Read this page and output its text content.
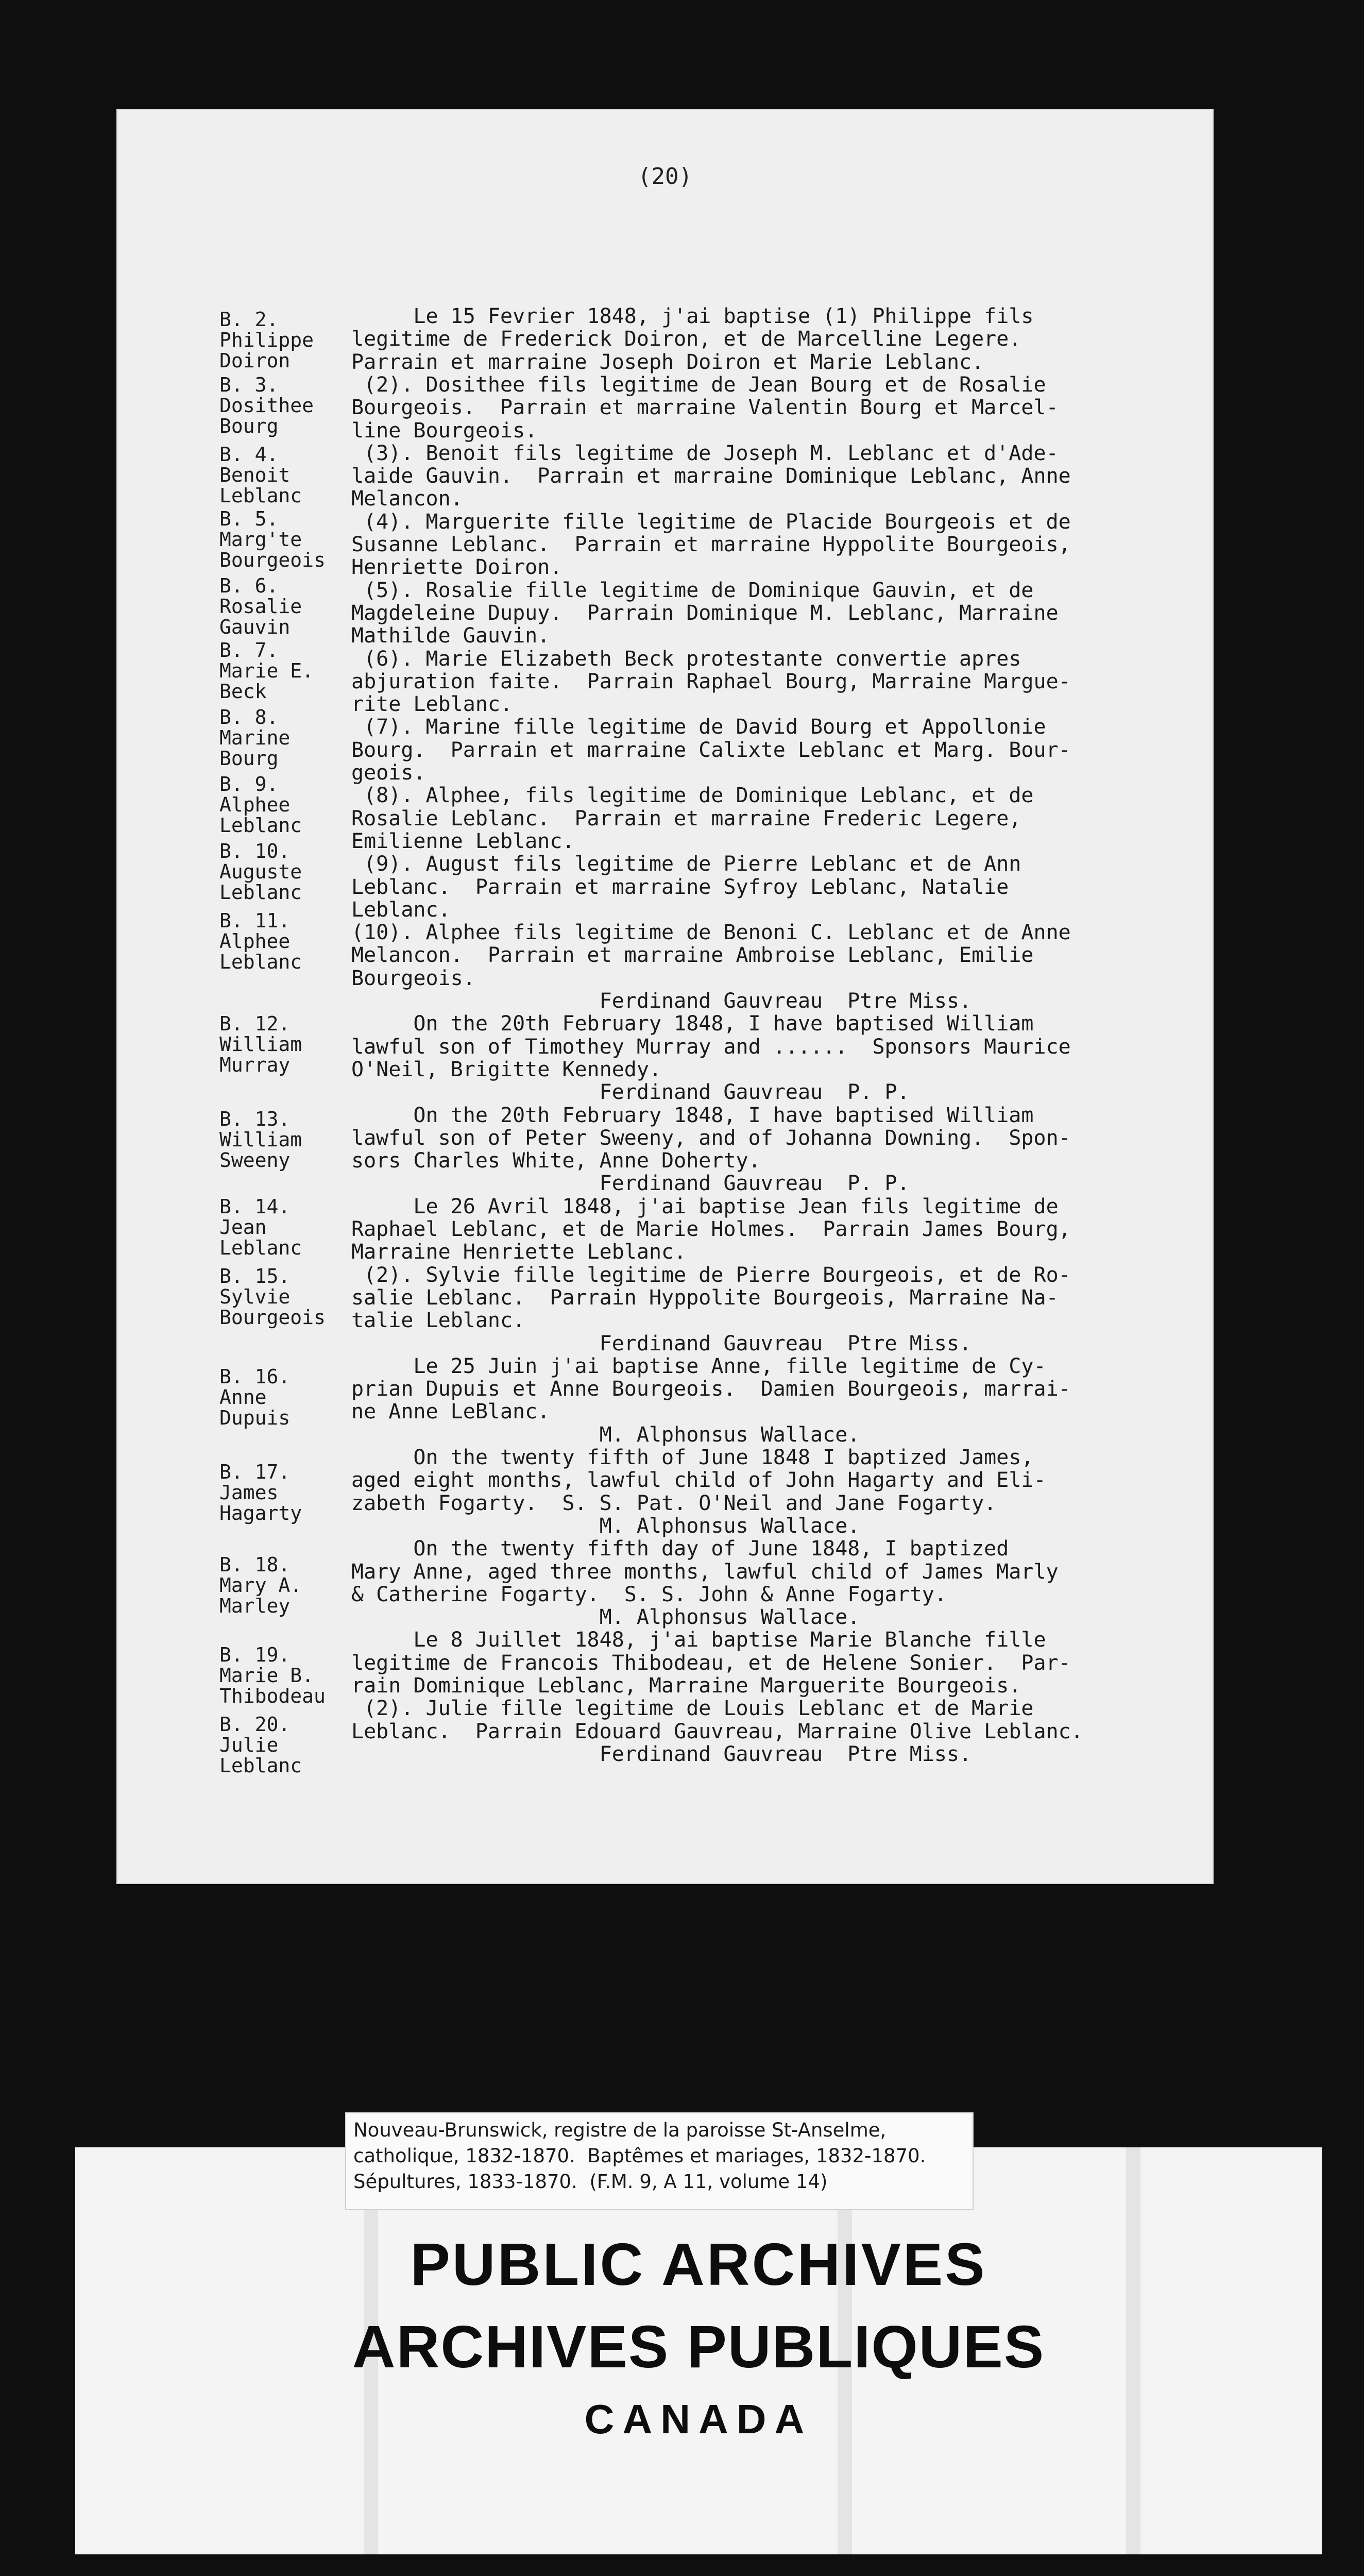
(20)
B. 2.
Philippe
Doiron
B. 3.
Dosithee
Bourg
B. 4.
Benoit
Leblanc
B. 5.
Marg'te
Bourgeois
B. 6.
Rosalie
Gauvin
B. 7.
Marie E.
Beck
B. 8.
Marine
Bourg
B. 9.
Alphee
Leblanc
B. 10.
Auguste
Leblanc
B. 11.
Alphee
Leblanc
B. 12.
William
Murray
B. 13.
William
Sweeny
B. 14.
Jean
Leblanc
B. 15.
Sylvie
Bourgeois
B. 16.
Anne
Dupuis
B. 17.
James
Hagarty
B. 18.
Mary A.
Marley
B. 19.
Marie B.
Thibodeau
B. 20.
Julie
Leblanc
Le 15 Fevrier 1848, j'ai baptise (1) Philippe fils
legitime de Frederick Doiron, et de Marcelline Legere.
Parrain et marraine Joseph Doiron et Marie Leblanc.
(2). Dosithee fils legitime de Jean Bourg et de Rosalie
Bourgeois.  Parrain et marraine Valentin Bourg et Marcel-
line Bourgeois.
(3). Benoit fils legitime de Joseph M. Leblanc et d'Ade-
laide Gauvin.  Parrain et marraine Dominique Leblanc, Anne
Melancon.
(4). Marguerite fille legitime de Placide Bourgeois et de
Susanne Leblanc.  Parrain et marraine Hyppolite Bourgeois,
Henriette Doiron.
(5). Rosalie fille legitime de Dominique Gauvin, et de
Magdeleine Dupuy.  Parrain Dominique M. Leblanc, Marraine
Mathilde Gauvin.
(6). Marie Elizabeth Beck protestante convertie apres
abjuration faite.  Parrain Raphael Bourg, Marraine Margue-
rite Leblanc.
(7). Marine fille legitime de David Bourg et Appollonie
Bourg.  Parrain et marraine Calixte Leblanc et Marg. Bour-
geois.
(8). Alphee, fils legitime de Dominique Leblanc, et de
Rosalie Leblanc.  Parrain et marraine Frederic Legere,
Emilienne Leblanc.
(9). August fils legitime de Pierre Leblanc et de Ann
Leblanc.  Parrain et marraine Syfroy Leblanc, Natalie
Leblanc.
(10). Alphee fils legitime de Benoni C. Leblanc et de Anne
Melancon.  Parrain et marraine Ambroise Leblanc, Emilie
Bourgeois.
Ferdinand Gauvreau  Ptre Miss.
On the 20th February 1848, I have baptised William
lawful son of Timothey Murray and ......  Sponsors Maurice
O'Neil, Brigitte Kennedy.
Ferdinand Gauvreau  P. P.
On the 20th February 1848, I have baptised William
lawful son of Peter Sweeny, and of Johanna Downing.  Spon-
sors Charles White, Anne Doherty.
Ferdinand Gauvreau  P. P.
Le 26 Avril 1848, j'ai baptise Jean fils legitime de
Raphael Leblanc, et de Marie Holmes.  Parrain James Bourg,
Marraine Henriette Leblanc.
(2). Sylvie fille legitime de Pierre Bourgeois, et de Ro-
salie Leblanc.  Parrain Hyppolite Bourgeois, Marraine Na-
talie Leblanc.
Ferdinand Gauvreau  Ptre Miss.
Le 25 Juin j'ai baptise Anne, fille legitime de Cy-
prian Dupuis et Anne Bourgeois.  Damien Bourgeois, marrai-
ne Anne LeBlanc.
M. Alphonsus Wallace.
On the twenty fifth of June 1848 I baptized James,
aged eight months, lawful child of John Hagarty and Eli-
zabeth Fogarty.  S. S. Pat. O'Neil and Jane Fogarty.
M. Alphonsus Wallace.
On the twenty fifth day of June 1848, I baptized
Mary Anne, aged three months, lawful child of James Marly
& Catherine Fogarty.  S. S. John & Anne Fogarty.
M. Alphonsus Wallace.
Le 8 Juillet 1848, j'ai baptise Marie Blanche fille
legitime de Francois Thibodeau, et de Helene Sonier.  Par-
rain Dominique Leblanc, Marraine Marguerite Bourgeois.
(2). Julie fille legitime de Louis Leblanc et de Marie
Leblanc.  Parrain Edouard Gauvreau, Marraine Olive Leblanc.
Ferdinand Gauvreau  Ptre Miss.
Nouveau-Brunswick, registre de la paroisse St-Anselme,
catholique, 1832-1870.  Baptêmes et mariages, 1832-1870.
Sépultures, 1833-1870.  (F.M. 9, A 11, volume 14)
PUBLIC ARCHIVES
ARCHIVES PUBLIQUES
CANADA
